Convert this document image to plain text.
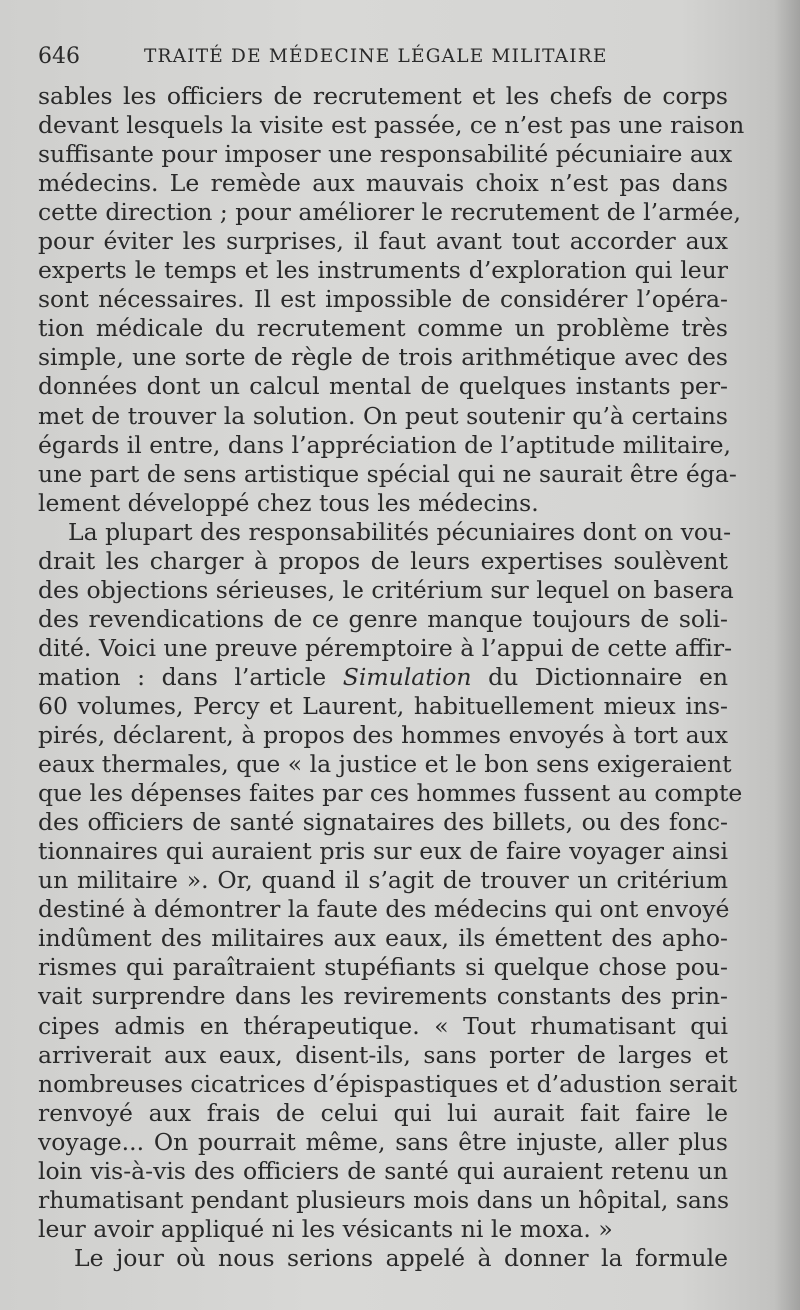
646	TRAITÉ DE MÉDECINE LÉGALE MILITAIRE
sables les officiers de recrutement et les chefs de corps
devant lesquels la visite est passée, ce n’est pas une raison
suffisante pour imposer une responsabilité pécuniaire aux
médecins. Le remède aux mauvais choix n’est pas dans
cette direction ; pour améliorer le recrutement de l’armée,
pour éviter les surprises, il faut avant tout accorder aux
experts le temps et les instruments d’exploration qui leur
sont nécessaires. Il est impossible de considérer l’opéra-
tion médicale du recrutement comme un problème très
simple, une sorte de règle de trois arithmétique avec des
données dont un calcul mental de quelques instants per-
met de trouver la solution. On peut soutenir qu’à certains
égards il entre, dans l’appréciation de l’aptitude militaire,
une part de sens artistique spécial qui ne saurait être éga-
lement développé chez tous les médecins.
La plupart des responsabilités pécuniaires dont on vou-
drait les charger à propos de leurs expertises soulèvent
des objections sérieuses, le critérium sur lequel on basera
des revendications de ce genre manque toujours de soli-
dité. Voici une preuve péremptoire à l’appui de cette affir-
mation : dans l’article Simulation du Dictionnaire en
60 volumes, Percy et Laurent, habituellement mieux ins-
pirés, déclarent, à propos des hommes envoyés à tort aux
eaux thermales, que « la justice et le bon sens exigeraient
que les dépenses faites par ces hommes fussent au compte
des officiers de santé signataires des billets, ou des fonc-
tionnaires qui auraient pris sur eux de faire voyager ainsi
un militaire ». Or, quand il s’agit de trouver un critérium
destiné à démontrer la faute des médecins qui ont envoyé
indûment des militaires aux eaux, ils émettent des apho-
rismes qui paraîtraient stupéfiants si quelque chose pou-
vait surprendre dans les revirements constants des prin-
cipes admis en thérapeutique. « Tout rhumatisant qui
arriverait aux eaux, disent-ils, sans porter de larges et
nombreuses cicatrices d’épispastiques et d’adustion serait
renvoyé aux frais de celui qui lui aurait fait faire le
voyage... On pourrait même, sans être injuste, aller plus
loin vis-à-vis des officiers de santé qui auraient retenu un
rhumatisant pendant plusieurs mois dans un hôpital, sans
leur avoir appliqué ni les vésicants ni le moxa. »
Le jour où nous serions appelé à donner la formule
